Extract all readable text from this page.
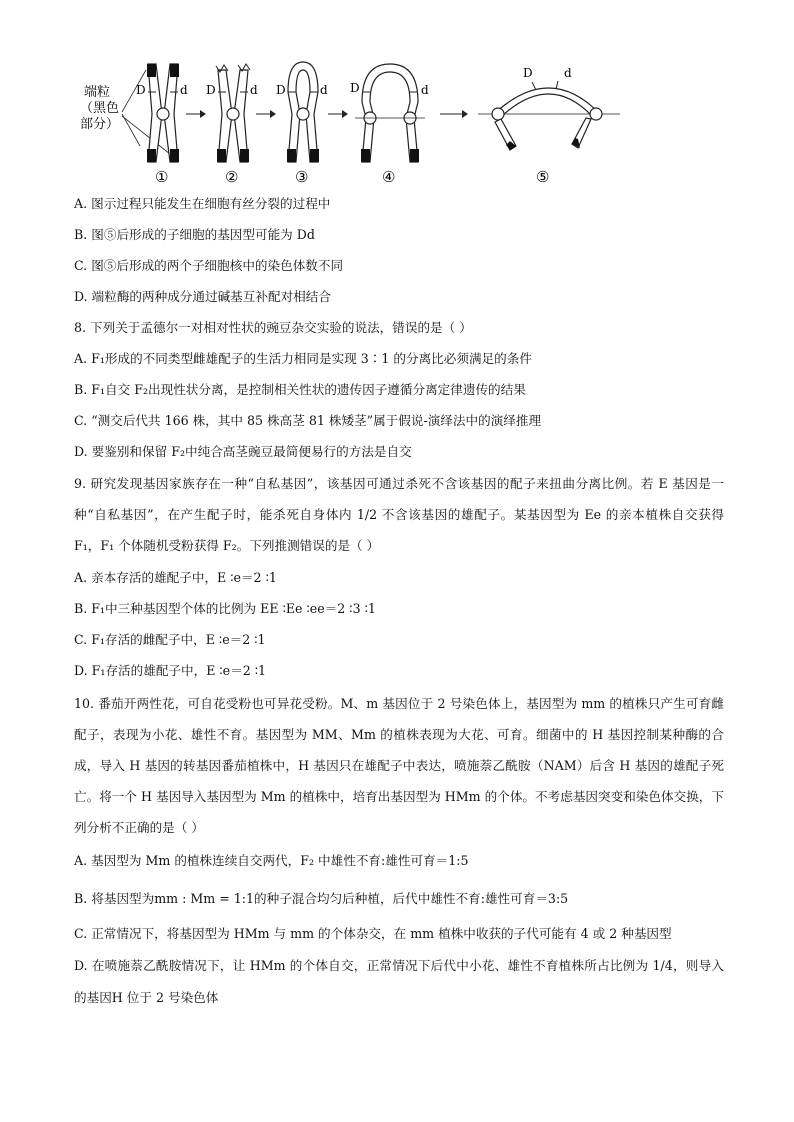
端粒
（黑色
部分）
D	d D	d D	d D	d
D	d
①	②	③	④	⑤
A. 图示过程只能发生在细胞有丝分裂的过程中
B. 图⑤后形成的子细胞的基因型可能为 Dd
C. 图⑤后形成的两个子细胞核中的染色体数不同
D. 端粒酶的两种成分通过碱基互补配对相结合
8. 下列关于孟德尔一对相对性状的豌豆杂交实验的说法，错误的是（ ）
A. F₁形成的不同类型雌雄配子的生活力相同是实现 3∶1 的分离比必须满足的条件
B. F₁自交 F₂出现性状分离，是控制相关性状的遗传因子遵循分离定律遗传的结果
C. “测交后代共 166 株，其中 85 株高茎 81 株矮茎”属于假说-演绎法中的演绎推理
D. 要鉴别和保留 F₂中纯合高茎豌豆最简便易行的方法是自交
9. 研究发现基因家族存在一种“自私基因”，该基因可通过杀死不含该基因的配子来扭曲分离比例。若 E 基因是一种“自私基因”，在产生配子时，能杀死自身体内 1/2 不含该基因的雄配子。某基因型为 Ee 的亲本植株自交获得 F₁，F₁ 个体随机受粉获得 F₂。下列推测错误的是（ ）
A. 亲本存活的雄配子中，E ∶e＝2 ∶1
B. F₁中三种基因型个体的比例为 EE ∶Ee ∶ee＝2 ∶3 ∶1
C. F₁存活的雌配子中，E ∶e＝2 ∶1
D. F₁存活的雄配子中，E ∶e＝2 ∶1
10. 番茄开两性花，可自花受粉也可异花受粉。M、m 基因位于 2 号染色体上，基因型为 mm 的植株只产生可育雌配子，表现为小花、雄性不育。基因型为 MM、Mm 的植株表现为大花、可育。细菌中的 H 基因控制某种酶的合成，导入 H 基因的转基因番茄植株中，H 基因只在雄配子中表达，喷施萘乙酰胺（NAM）后含 H 基因的雄配子死亡。将一个 H 基因导入基因型为 Mm 的植株中，培育出基因型为 HMm 的个体。不考虑基因突变和染色体交换，下列分析不正确的是（ ）
A. 基因型为 Mm 的植株连续自交两代，F₂ 中雄性不育:雄性可育＝1:5
B. 将基因型为mm : Mm = 1:1的种子混合均匀后种植，后代中雄性不育:雄性可育＝3:5
C. 正常情况下，将基因型为 HMm 与 mm 的个体杂交，在 mm 植株中收获的子代可能有 4 或 2 种基因型
D. 在喷施萘乙酰胺情况下，让 HMm 的个体自交，正常情况下后代中小花、雄性不育植株所占比例为 1/4，则导入的基因H 位于 2 号染色体
